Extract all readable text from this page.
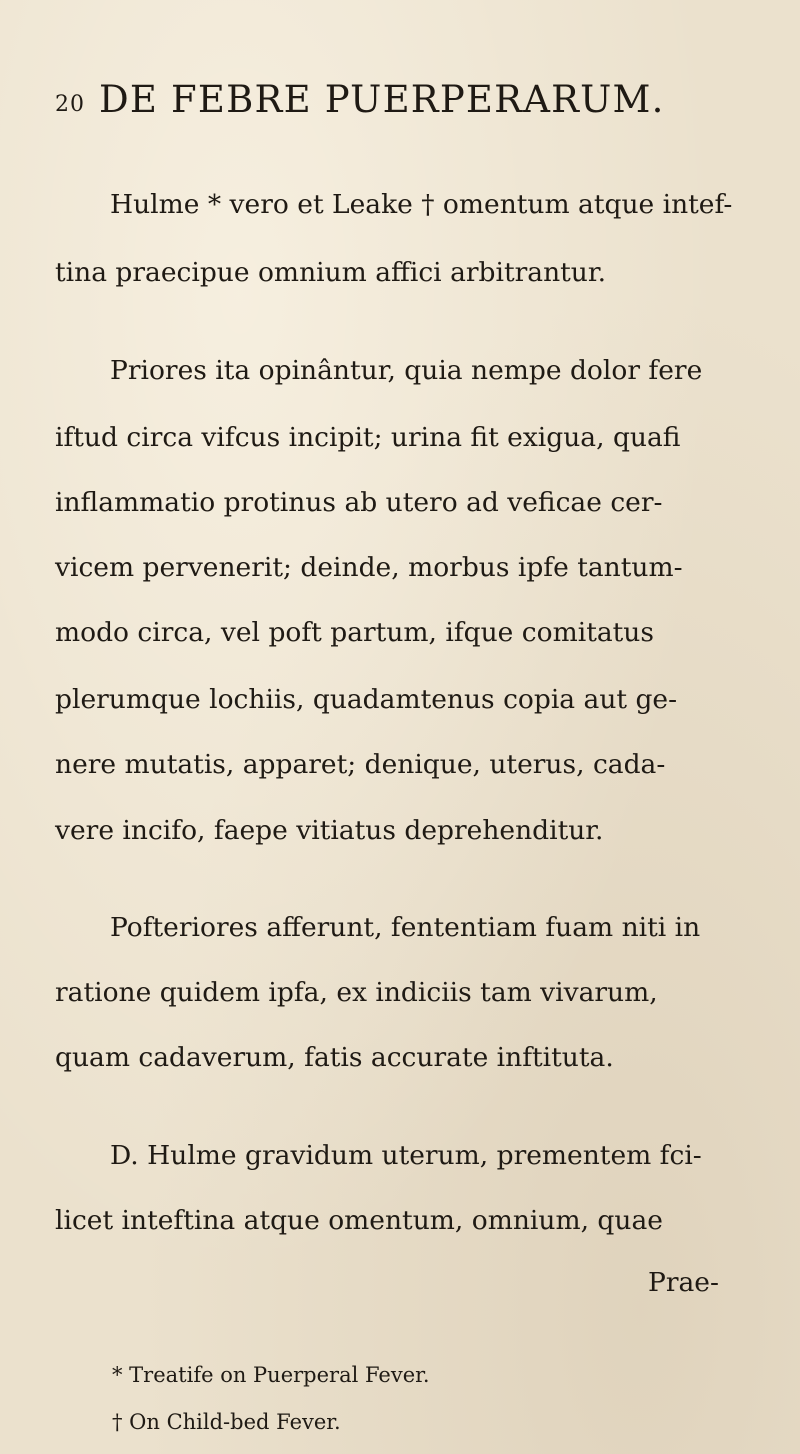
20 DE FEBRE PUERPERARUM.
Hulme * vero et Leake † omentum atque intef-
tina praecipue omnium affici arbitrantur.
Priores ita opinântur, quia nempe dolor fere
iftud circa vifcus incipit; urina fit exigua, quafi
inflammatio protinus ab utero ad veficae cer-
vicem pervenerit; deinde, morbus ipfe tantum-
modo circa, vel poft partum, ifque comitatus
plerumque lochiis, quadamtenus copia aut ge-
nere mutatis, apparet; denique, uterus, cada-
vere incifo, faepe vitiatus deprehenditur.
Pofteriores afferunt, fententiam fuam niti in
ratione quidem ipfa, ex indiciis tam vivarum,
quam cadaverum, fatis accurate inftituta.
D. Hulme gravidum uterum, prementem fci-
licet inteftina atque omentum, omnium, quae
Prae-
* Treatife on Puerperal Fever.
† On Child-bed Fever.
